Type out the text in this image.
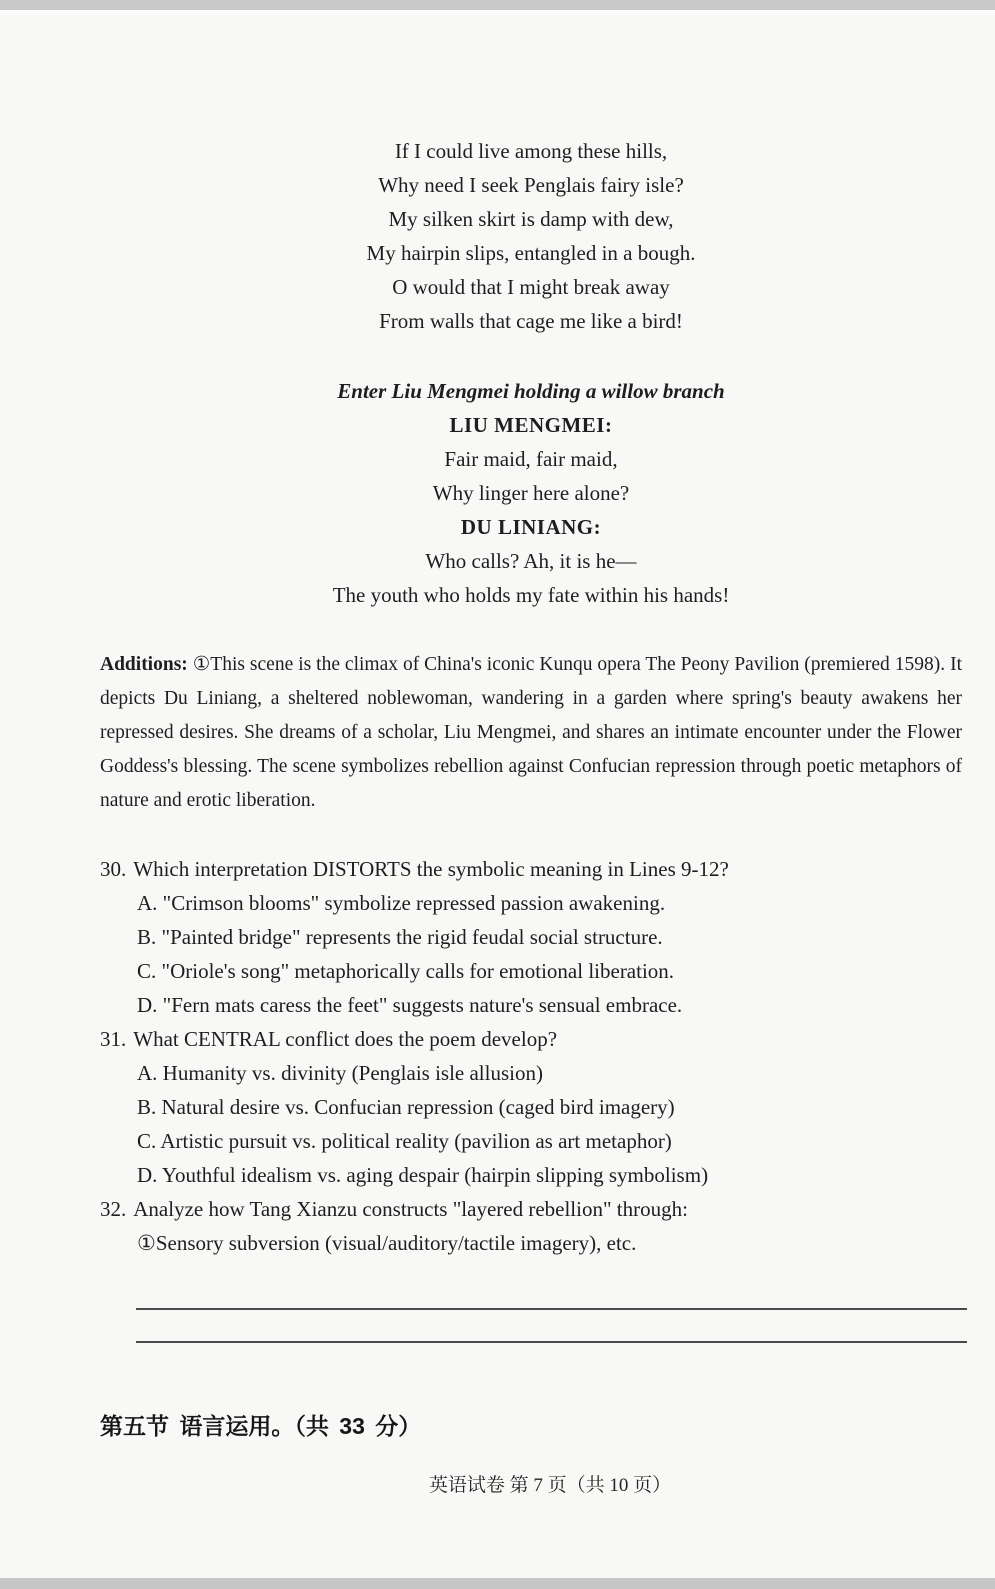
If I could live among these hills,
Why need I seek Penglais fairy isle?
My silken skirt is damp with dew,
My hairpin slips, entangled in a bough.
O would that I might break away
From walls that cage me like a bird!
Enter Liu Mengmei holding a willow branch
LIU MENGMEI:
Fair maid, fair maid,
Why linger here alone?
DU LINIANG:
Who calls? Ah, it is he—
The youth who holds my fate within his hands!
Additions: ①This scene is the climax of China's iconic Kunqu opera The Peony Pavilion (premiered 1598). It
depicts Du Liniang, a sheltered noblewoman, wandering in a garden where spring's beauty awakens her
repressed desires. She dreams of a scholar, Liu Mengmei, and shares an intimate encounter under the Flower
Goddess's blessing. The scene symbolizes rebellion against Confucian repression through poetic metaphors of
nature and erotic liberation.
30. Which interpretation DISTORTS the symbolic meaning in Lines 9-12?
A. "Crimson blooms" symbolize repressed passion awakening.
B. "Painted bridge" represents the rigid feudal social structure.
C. "Oriole's song" metaphorically calls for emotional liberation.
D. "Fern mats caress the feet" suggests nature's sensual embrace.
31. What CENTRAL conflict does the poem develop?
A. Humanity vs. divinity (Penglais isle allusion)
B. Natural desire vs. Confucian repression (caged bird imagery)
C. Artistic pursuit vs. political reality (pavilion as art metaphor)
D. Youthful idealism vs. aging despair (hairpin slipping symbolism)
32. Analyze how Tang Xianzu constructs "layered rebellion" through:
①Sensory subversion (visual/auditory/tactile imagery), etc.
第五节 语言运用。（共 33 分）
英语试卷 第 7 页（共 10 页）
